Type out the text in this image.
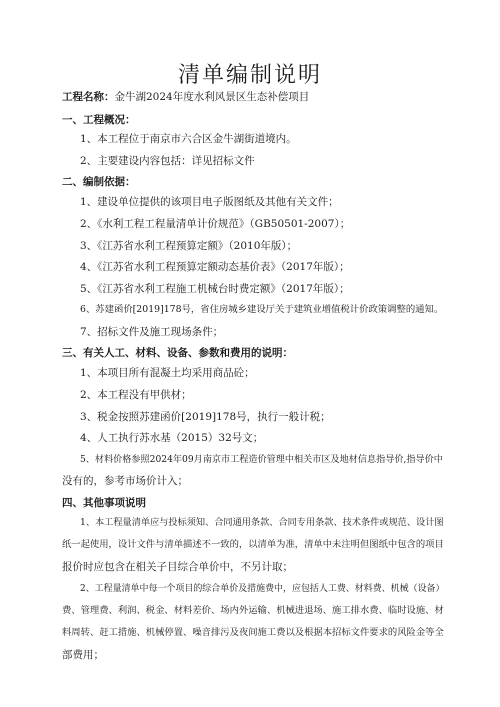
清单编制说明
工程名称：金牛湖2024年度水利风景区生态补偿项目
一、工程概况：
1、本工程位于南京市六合区金牛湖街道境内。
2、主要建设内容包括：详见招标文件
二、编制依据：
1、建设单位提供的该项目电子版图纸及其他有关文件；
2、《水利工程工程量清单计价规范》（GB50501-2007）；
3、《江苏省水利工程预算定额》（2010年版）；
4、《江苏省水利工程预算定额动态基价表》（2017年版）；
5、《江苏省水利工程施工机械台时费定额》（2017年版）；
6、苏建函价[2019]178号，省住房城乡建设厅关于建筑业增值税计价政策调整的通知。
7、招标文件及施工现场条件；
三、有关人工、材料、设备、参数和费用的说明：
1、本项目所有混凝土均采用商品砼；
2、本工程没有甲供材；
3、税金按照苏建函价[2019]178号，执行一般计税；
4、人工执行苏水基（2015）32号文；
5、材料价格参照2024年09月南京市工程造价管理中相关市区及地材信息指导价,指导价中
没有的，参考市场价计入；
四、其他事项说明
1、本工程量清单应与投标须知、合同通用条款、合同专用条款、技术条件或规范、设计图
纸一起使用，设计文件与清单描述不一致的，以清单为准，清单中未注明但图纸中包含的项目
报价时应包含在相关子目综合单价中，不另计取；
2、工程量清单中每一个项目的综合单价及措施费中，应包括人工费、材料费、机械（设备）
费、管理费、利润、税金、材料差价、场内外运输、机械进退场、施工排水费、临时设施、材
料周转、赶工措施、机械停置、噪音排污及夜间施工费以及根据本招标文件要求的风险金等全
部费用；
